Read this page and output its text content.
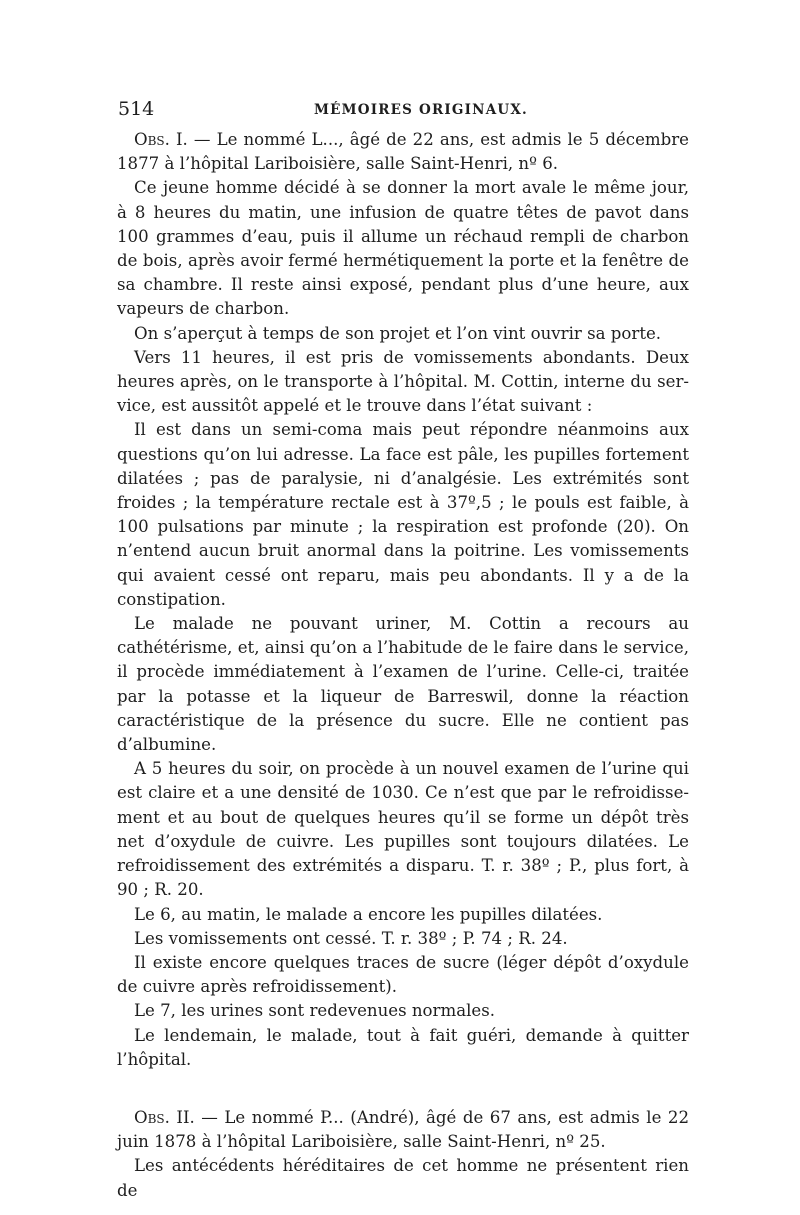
514	MÉMOIRES ORIGINAUX.

Obs. I. — Le nommé L..., âgé de 22 ans, est admis le 5 décembre 1877 à l’hôpital Lariboisière, salle Saint-Henri, nº 6.

Ce jeune homme décidé à se donner la mort avale le même jour, à 8 heures du matin, une infusion de quatre têtes de pavot dans 100 grammes d’eau, puis il allume un réchaud rempli de charbon de bois, après avoir fermé hermétiquement la porte et la fenêtre de sa chambre. Il reste ainsi exposé, pendant plus d’une heure, aux vapeurs de charbon.

On s’aperçut à temps de son projet et l’on vint ouvrir sa porte.

Vers 11 heures, il est pris de vomissements abondants. Deux heures après, on le transporte à l’hôpital. M. Cottin, interne du service, est aussitôt appelé et le trouve dans l’état suivant :

Il est dans un semi-coma mais peut répondre néanmoins aux questions qu’on lui adresse. La face est pâle, les pupilles fortement dilatées ; pas de paralysie, ni d’analgésie. Les extrémités sont froides ; la température rectale est à 37º,5 ; le pouls est faible, à 100 pulsations par minute ; la respiration est profonde (20). On n’entend aucun bruit anormal dans la poitrine. Les vomissements qui avaient cessé ont reparu, mais peu abondants. Il y a de la constipation.

Le malade ne pouvant uriner, M. Cottin a recours au cathétérisme, et, ainsi qu’on a l’habitude de le faire dans le service, il procède immédiatement à l’examen de l’urine. Celle-ci, traitée par la potasse et la liqueur de Barreswil, donne la réaction caractéristique de la présence du sucre. Elle ne contient pas d’albumine.

A 5 heures du soir, on procède à un nouvel examen de l’urine qui est claire et a une densité de 1030. Ce n’est que par le refroidissement et au bout de quelques heures qu’il se forme un dépôt très net d’oxydule de cuivre. Les pupilles sont toujours dilatées. Le refroidissement des extrémités a disparu. T. r. 38º ; P., plus fort, à 90 ; R. 20.

Le 6, au matin, le malade a encore les pupilles dilatées.

Les vomissements ont cessé. T. r. 38º ; P. 74 ; R. 24.

Il existe encore quelques traces de sucre (léger dépôt d’oxydule de cuivre après refroidissement).

Le 7, les urines sont redevenues normales.

Le lendemain, le malade, tout à fait guéri, demande à quitter l’hôpital.

Obs. II. — Le nommé P... (André), âgé de 67 ans, est admis le 22 juin 1878 à l’hôpital Lariboisière, salle Saint-Henri, nº 25.

Les antécédents héréditaires de cet homme ne présentent rien de
